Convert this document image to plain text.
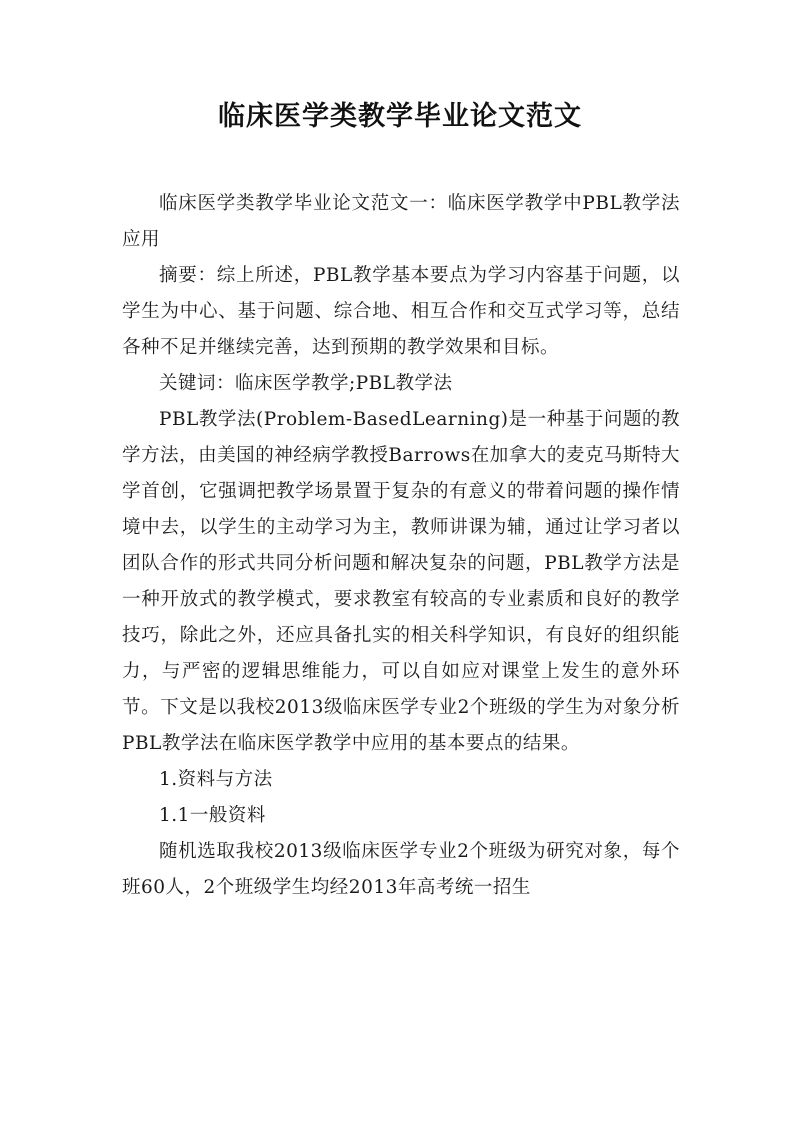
临床医学类教学毕业论文范文

临床医学类教学毕业论文范文一：临床医学教学中PBL教学法应用

摘要：综上所述，PBL教学基本要点为学习内容基于问题，以学生为中心、基于问题、综合地、相互合作和交互式学习等，总结各种不足并继续完善，达到预期的教学效果和目标。

关键词：临床医学教学;PBL教学法

PBL教学法(Problem-BasedLearning)是一种基于问题的教学方法，由美国的神经病学教授Barrows在加拿大的麦克马斯特大学首创，它强调把教学场景置于复杂的有意义的带着问题的操作情境中去，以学生的主动学习为主，教师讲课为辅，通过让学习者以团队合作的形式共同分析问题和解决复杂的问题，PBL教学方法是一种开放式的教学模式，要求教室有较高的专业素质和良好的教学技巧，除此之外，还应具备扎实的相关科学知识，有良好的组织能力，与严密的逻辑思维能力，可以自如应对课堂上发生的意外环节。下文是以我校2013级临床医学专业2个班级的学生为对象分析PBL教学法在临床医学教学中应用的基本要点的结果。

1.资料与方法

1.1一般资料

随机选取我校2013级临床医学专业2个班级为研究对象，每个班60人，2个班级学生均经2013年高考统一招生
